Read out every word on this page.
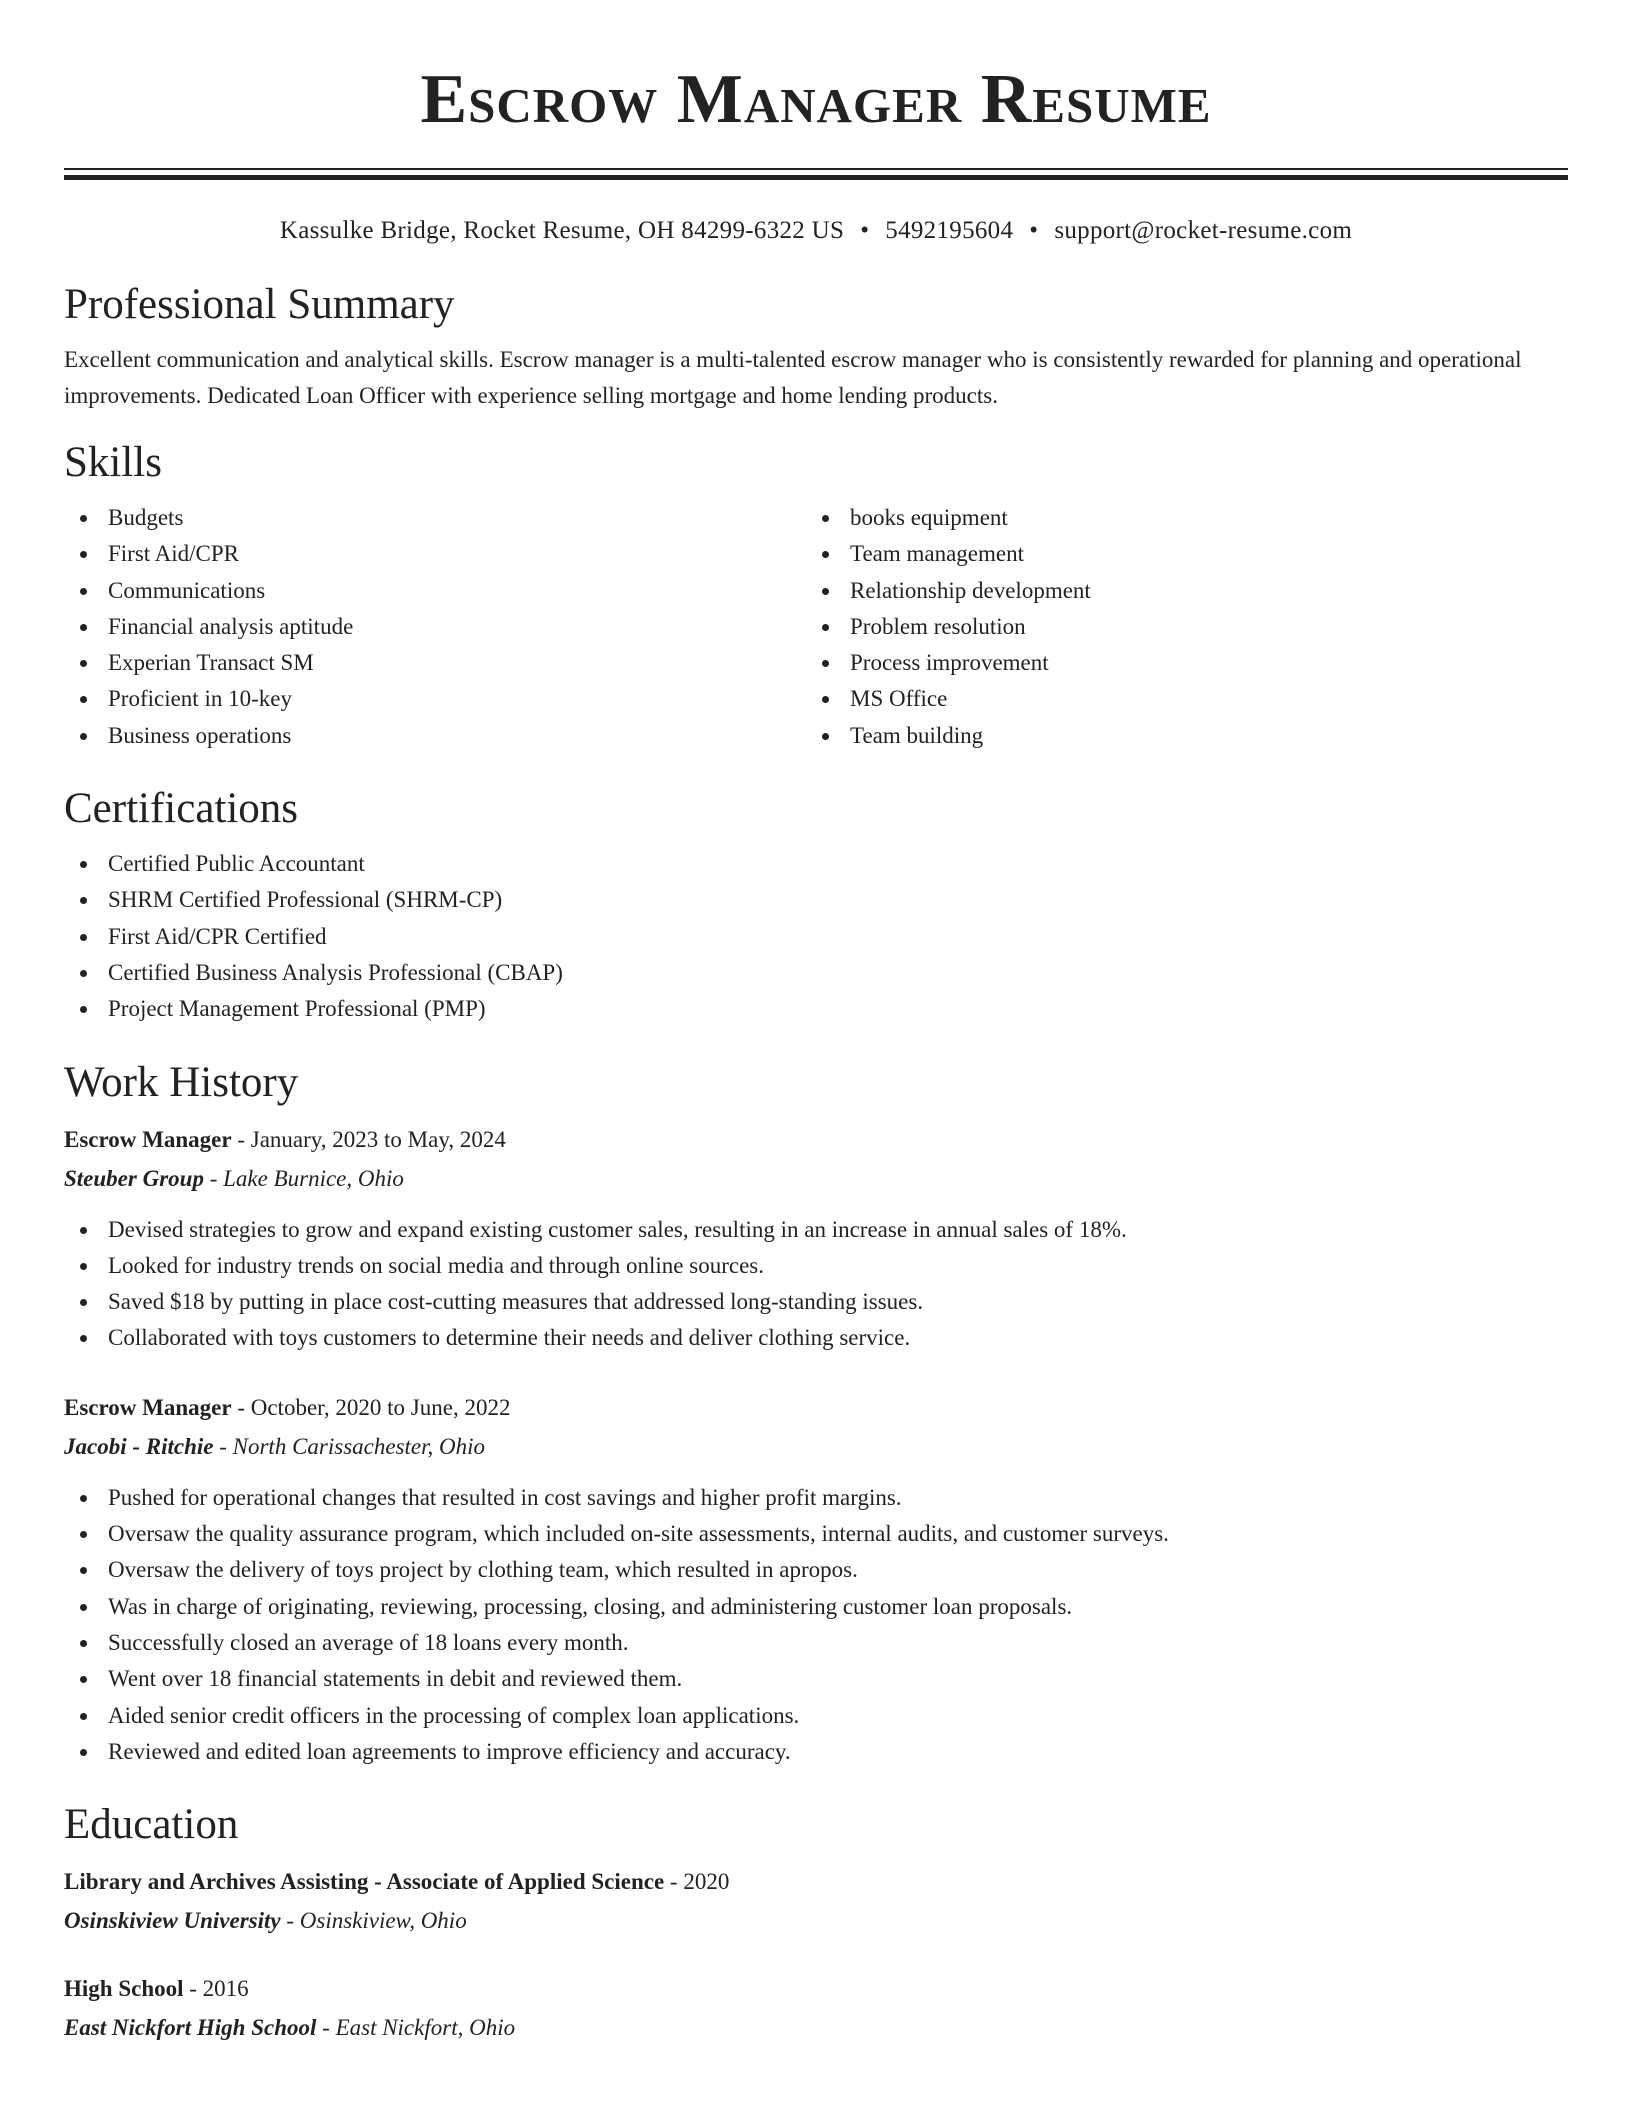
Escrow Manager Resume
Kassulke Bridge, Rocket Resume, OH 84299-6322 US • 5492195604 • support@rocket-resume.com
Professional Summary

Excellent communication and analytical skills. Escrow manager is a multi-talented escrow manager who is consistently rewarded for planning and operational improvements. Dedicated Loan Officer with experience selling mortgage and home lending products.

Skills
Budgets
First Aid/CPR
Communications
Financial analysis aptitude
Experian Transact SM
Proficient in 10-key
Business operations
books equipment
Team management
Relationship development
Problem resolution
Process improvement
MS Office
Team building
Certifications
Certified Public Accountant
SHRM Certified Professional (SHRM-CP)
First Aid/CPR Certified
Certified Business Analysis Professional (CBAP)
Project Management Professional (PMP)
Work History
Escrow Manager - January, 2023 to May, 2024
Steuber Group - Lake Burnice, Ohio
Devised strategies to grow and expand existing customer sales, resulting in an increase in annual sales of 18%.
Looked for industry trends on social media and through online sources.
Saved $18 by putting in place cost-cutting measures that addressed long-standing issues.
Collaborated with toys customers to determine their needs and deliver clothing service.
Escrow Manager - October, 2020 to June, 2022
Jacobi - Ritchie - North Carissachester, Ohio
Pushed for operational changes that resulted in cost savings and higher profit margins.
Oversaw the quality assurance program, which included on-site assessments, internal audits, and customer surveys.
Oversaw the delivery of toys project by clothing team, which resulted in apropos.
Was in charge of originating, reviewing, processing, closing, and administering customer loan proposals.
Successfully closed an average of 18 loans every month.
Went over 18 financial statements in debit and reviewed them.
Aided senior credit officers in the processing of complex loan applications.
Reviewed and edited loan agreements to improve efficiency and accuracy.
Education
Library and Archives Assisting - Associate of Applied Science - 2020
Osinskiview University - Osinskiview, Ohio
High School - 2016
East Nickfort High School - East Nickfort, Ohio
